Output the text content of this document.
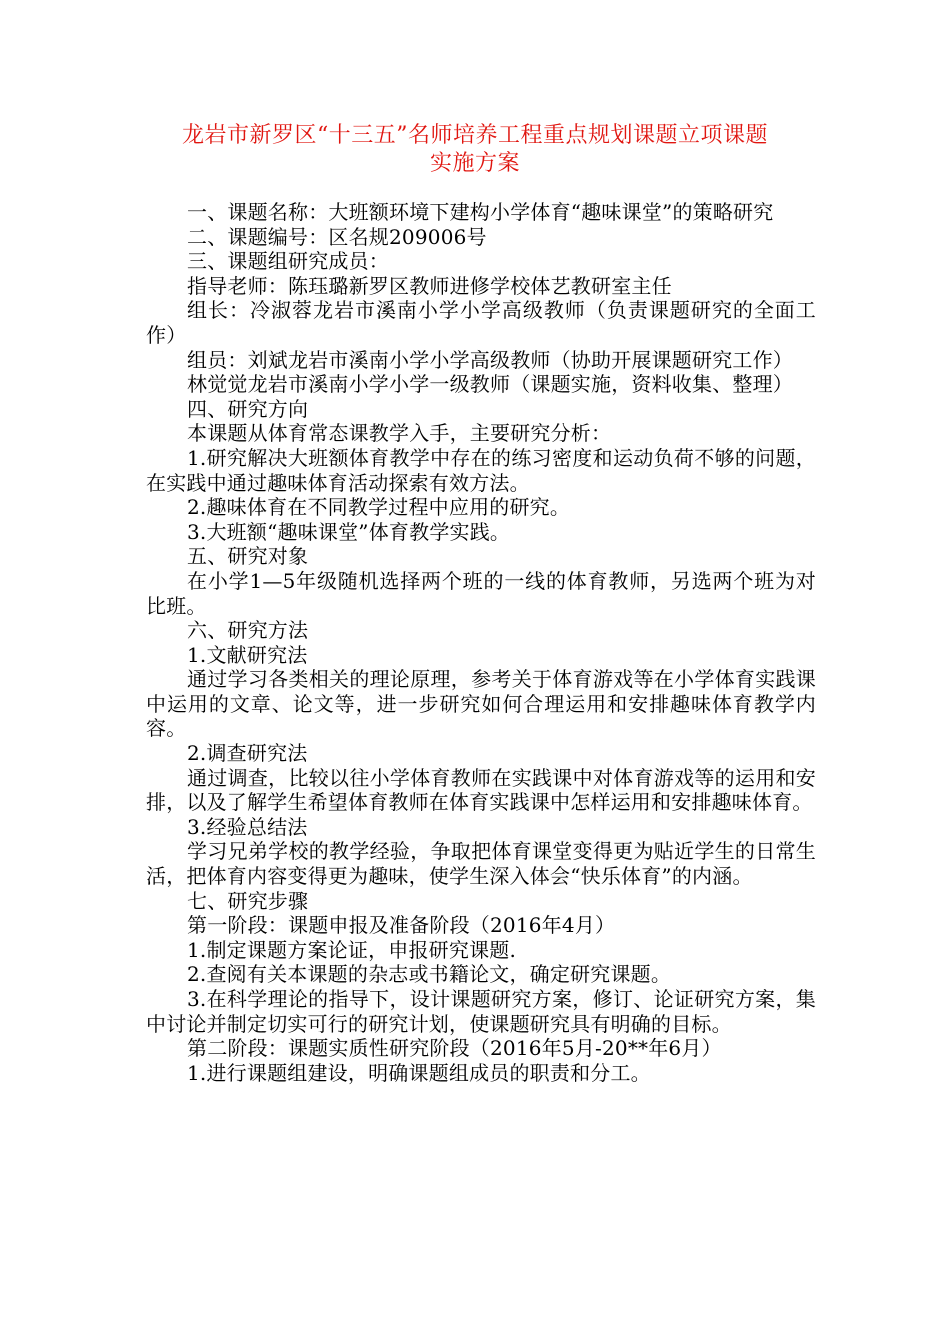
龙岩市新罗区“十三五”名师培养工程重点规划课题立项课题
实施方案

一、课题名称：大班额环境下建构小学体育“趣味课堂”的策略研究

二、课题编号：区名规209006号

三、课题组研究成员：

指导老师：陈珏璐新罗区教师进修学校体艺教研室主任

组长：冷淑蓉龙岩市溪南小学小学高级教师（负责课题研究的全面工作）

组员：刘斌龙岩市溪南小学小学高级教师（协助开展课题研究工作）

林觉觉龙岩市溪南小学小学一级教师（课题实施，资料收集、整理）

四、研究方向

本课题从体育常态课教学入手，主要研究分析：

1.研究解决大班额体育教学中存在的练习密度和运动负荷不够的问题，在实践中通过趣味体育活动探索有效方法。

2.趣味体育在不同教学过程中应用的研究。

3.大班额“趣味课堂”体育教学实践。

五、研究对象

在小学1—5年级随机选择两个班的一线的体育教师，另选两个班为对比班。

六、研究方法

1.文献研究法

通过学习各类相关的理论原理，参考关于体育游戏等在小学体育实践课中运用的文章、论文等，进一步研究如何合理运用和安排趣味体育教学内容。

2.调查研究法

通过调查，比较以往小学体育教师在实践课中对体育游戏等的运用和安排，以及了解学生希望体育教师在体育实践课中怎样运用和安排趣味体育。

3.经验总结法

学习兄弟学校的教学经验，争取把体育课堂变得更为贴近学生的日常生活，把体育内容变得更为趣味，使学生深入体会“快乐体育”的内涵。

七、研究步骤

第一阶段：课题申报及准备阶段（2016年4月）

1.制定课题方案论证，申报研究课题.

2.查阅有关本课题的杂志或书籍论文，确定研究课题。

3.在科学理论的指导下，设计课题研究方案，修订、论证研究方案，集中讨论并制定切实可行的研究计划，使课题研究具有明确的目标。

第二阶段：课题实质性研究阶段（2016年5月-20**年6月）

1.进行课题组建设，明确课题组成员的职责和分工。
